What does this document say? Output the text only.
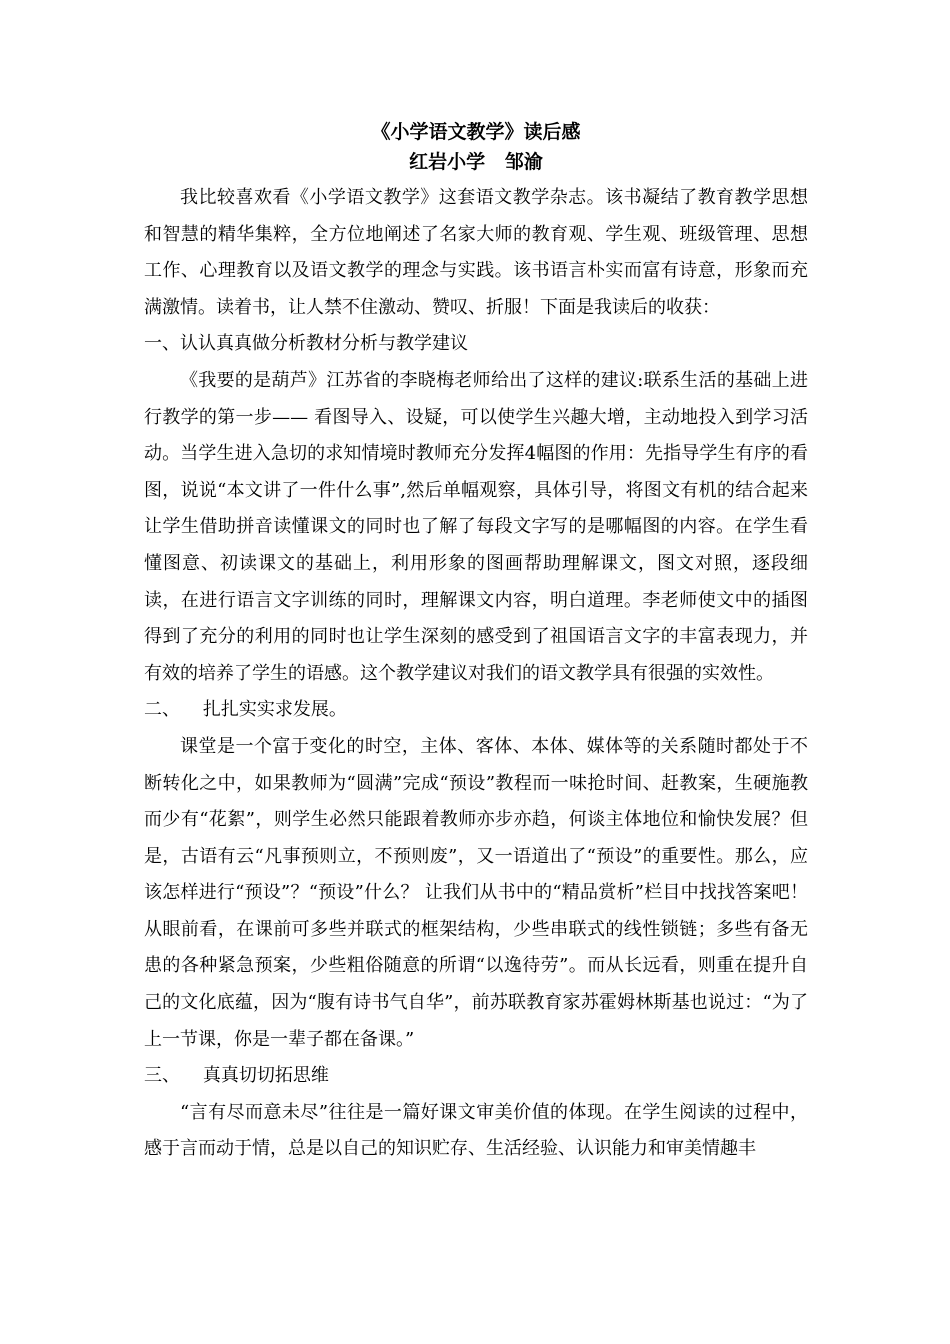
《小学语文教学》读后感
红岩小学   邹渝

我比较喜欢看《小学语文教学》这套语文教学杂志。该书凝结了教育教学思想和智慧的精华集粹，全方位地阐述了名家大师的教育观、学生观、班级管理、思想工作、心理教育以及语文教学的理念与实践。该书语言朴实而富有诗意，形象而充满激情。读着书，让人禁不住激动、赞叹、折服！下面是我读后的收获：

一、认认真真做分析教材分析与教学建议

《我要的是葫芦》江苏省的李晓梅老师给出了这样的建议:联系生活的基础上进行教学的第一步—— 看图导入、设疑，可以使学生兴趣大增，主动地投入到学习活动。当学生进入急切的求知情境时教师充分发挥4幅图的作用：先指导学生有序的看图，说说“本文讲了一件什么事”,然后单幅观察，具体引导，将图文有机的结合起来让学生借助拼音读懂课文的同时也了解了每段文字写的是哪幅图的内容。在学生看懂图意、初读课文的基础上，利用形象的图画帮助理解课文，图文对照，逐段细读，在进行语言文字训练的同时，理解课文内容，明白道理。李老师使文中的插图得到了充分的利用的同时也让学生深刻的感受到了祖国语言文字的丰富表现力，并有效的培养了学生的语感。这个教学建议对我们的语文教学具有很强的实效性。

二、    扎扎实实求发展。

课堂是一个富于变化的时空，主体、客体、本体、媒体等的关系随时都处于不断转化之中，如果教师为“圆满”完成“预设”教程而一味抢时间、赶教案，生硬施教而少有“花絮”，则学生必然只能跟着教师亦步亦趋，何谈主体地位和愉快发展？但是，古语有云“凡事预则立，不预则废”，又一语道出了“预设”的重要性。那么，应该怎样进行“预设”？“预设”什么？ 让我们从书中的“精品赏析”栏目中找找答案吧！从眼前看，在课前可多些并联式的框架结构，少些串联式的线性锁链；多些有备无患的各种紧急预案，少些粗俗随意的所谓“以逸待劳”。而从长远看，则重在提升自己的文化底蕴，因为“腹有诗书气自华”，前苏联教育家苏霍姆林斯基也说过：“为了上一节课，你是一辈子都在备课。”

三、    真真切切拓思维

“言有尽而意未尽”往往是一篇好课文审美价值的体现。在学生阅读的过程中，感于言而动于情，总是以自己的知识贮存、生活经验、认识能力和审美情趣丰
